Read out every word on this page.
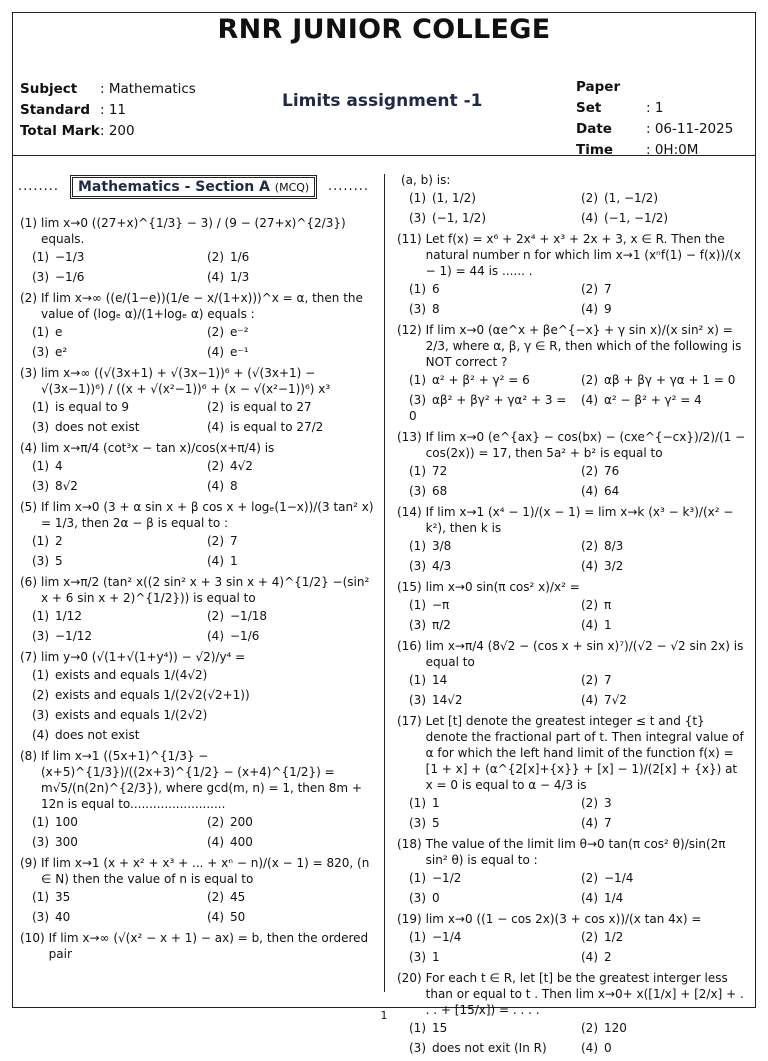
RNR JUNIOR COLLEGE
Subject : Mathematics
Standard : 11
Total Mark: 200
Limits assignment -1
Paper Set	: 1
Date	: 06-11-2025
Time : 0H:0M
........	Mathematics - Section A (MCQ)	........
(1) lim x→0 ((27+x)^{1/3} − 3) / (9 − (27+x)^{2/3}) equals.
(1) −1/3	(2) 1/6
(3) −1/6	(4) 1/3
(2) If lim x→∞ ((e/(1−e))(1/e − x/(1+x)))^x = α, then the value of (logₑ α)/(1+logₑ α) equals :
(1) e	(2) e⁻²
(3) e²	(4) e⁻¹
(3) lim x→∞ ((√(3x+1) + √(3x−1))⁶ + (√(3x+1) − √(3x−1))⁶) / ((x + √(x²−1))⁶ + (x − √(x²−1))⁶) x³
(1) is equal to 9	(2) is equal to 27
(3) does not exist	(4) is equal to 27/2
(4) lim x→π/4 (cot³x − tan x)/cos(x+π/4) is
(1) 4	(2) 4√2
(3) 8√2	(4) 8
(5) If lim x→0 (3 + α sin x + β cos x + logₑ(1−x))/(3 tan² x) = 1/3, then 2α − β is equal to :
(1) 2	(2) 7
(3) 5	(4) 1
(6) lim x→π/2 (tan² x((2 sin² x + 3 sin x + 4)^{1/2} −(sin² x + 6 sin x + 2)^{1/2})) is equal to
(1) 1/12	(2) −1/18
(3) −1/12	(4) −1/6
(7) lim y→0 (√(1+√(1+y⁴)) − √2)/y⁴ =
(1) exists and equals 1/(4√2)
(2) exists and equals 1/(2√2(√2+1))
(3) exists and equals 1/(2√2)
(4) does not exist
(8) If lim x→1 ((5x+1)^{1/3} − (x+5)^{1/3})/((2x+3)^{1/2} − (x+4)^{1/2}) = m√5/(n(2n)^{2/3}), where gcd(m, n) = 1, then 8m + 12n is equal to.........................
(1) 100	(2) 200
(3) 300	(4) 400
(9) If lim x→1 (x + x² + x³ + ... + xⁿ − n)/(x − 1) = 820, (n ∈ N) then the value of n is equal to
(1) 35	(2) 45
(3) 40	(4) 50
(10) If lim x→∞ (√(x² − x + 1) − ax) = b, then the ordered pair
(a, b) is:
(1) (1, 1/2)	(2) (1, −1/2)
(3) (−1, 1/2)	(4) (−1, −1/2)
(11) Let f(x) = x⁶ + 2x⁴ + x³ + 2x + 3, x ∈ R. Then the natural number n for which lim x→1 (xⁿf(1) − f(x))/(x − 1) = 44 is ...... .
(1) 6	(2) 7
(3) 8	(4) 9
(12) If lim x→0 (αe^x + βe^{−x} + γ sin x)/(x sin² x) = 2/3, where α, β, γ ∈ R, then which of the following is NOT correct ?
(1) α² + β² + γ² = 6	(2) αβ + βγ + γα + 1 = 0
(3) αβ² + βγ² + γα² + 3 = 0
(4) α² − β² + γ² = 4
(13) If lim x→0 (e^{ax} − cos(bx) − (cxe^{−cx})/2)/(1 − cos(2x)) = 17, then 5a² + b² is equal to
(1) 72	(2) 76
(3) 68	(4) 64
(14) If lim x→1 (x⁴ − 1)/(x − 1) = lim x→k (x³ − k³)/(x² − k²), then k is
(1) 3/8	(2) 8/3
(3) 4/3	(4) 3/2
(15) lim x→0 sin(π cos² x)/x² =
(1) −π	(2) π
(3) π/2	(4) 1
(16) lim x→π/4 (8√2 − (cos x + sin x)⁷)/(√2 − √2 sin 2x) is equal to
(1) 14	(2) 7
(3) 14√2	(4) 7√2
(17) Let [t] denote the greatest integer ≤ t and {t} denote the fractional part of t. Then integral value of α for which the left hand limit of the function f(x) = [1 + x] + (α^{2[x]+{x}} + [x] − 1)/(2[x] + {x}) at x = 0 is equal to α − 4/3 is
(1) 1	(2) 3
(3) 5	(4) 7
(18) The value of the limit lim θ→0 tan(π cos² θ)/sin(2π sin² θ) is equal to :
(1) −1/2	(2) −1/4
(3) 0	(4) 1/4
(19) lim x→0 ((1 − cos 2x)(3 + cos x))/(x tan 4x) =
(1) −1/4	(2) 1/2
(3) 1	(4) 2
(20) For each t ∈ R, let [t] be the greatest interger less than or equal to t . Then lim x→0+ x([1/x] + [2/x] + . . . + [15/x]) = . . . .
(1) 15	(2) 120
(3) does not exit (In R)	(4) 0
1
